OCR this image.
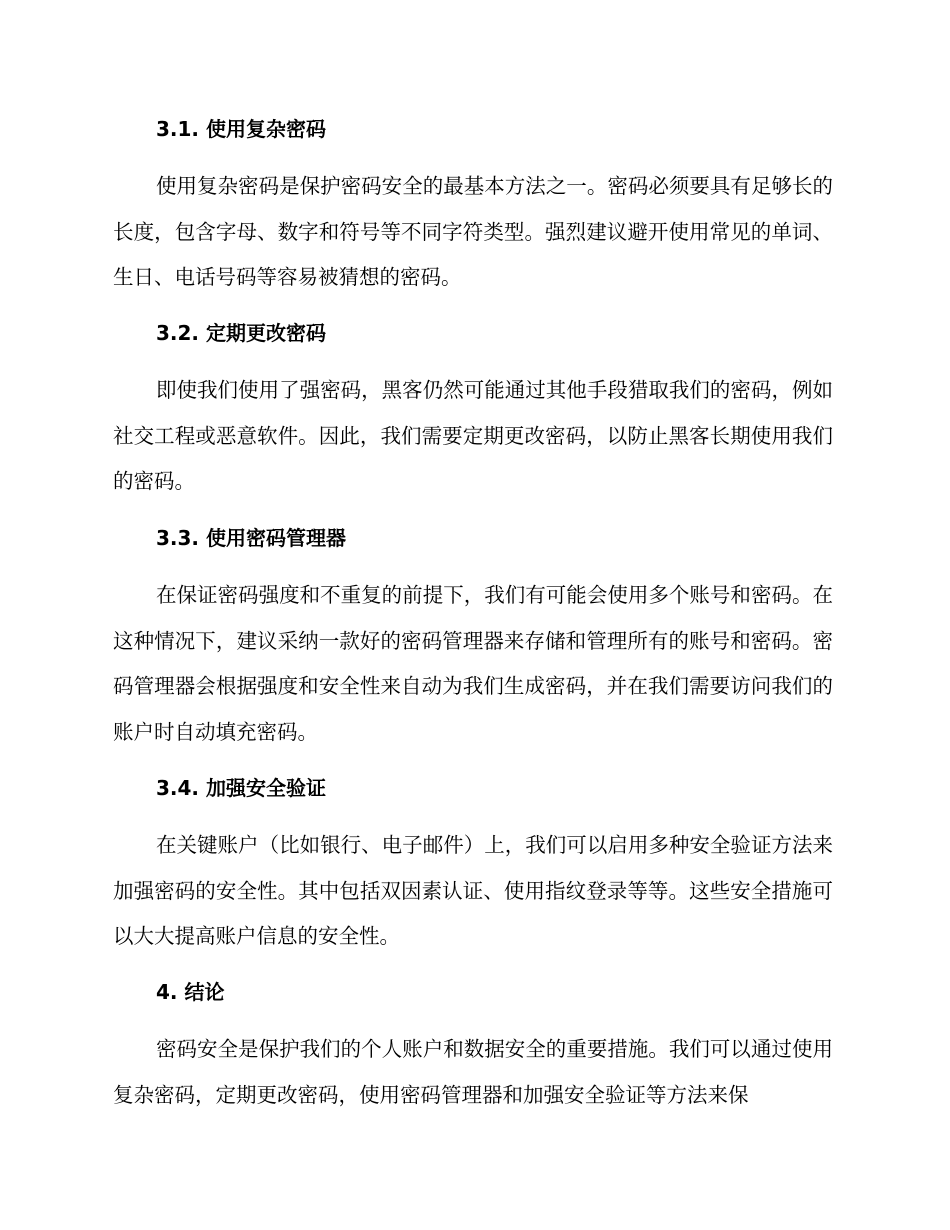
3.1. 使用复杂密码

使用复杂密码是保护密码安全的最基本方法之一。密码必须要具有足够长的长度，包含字母、数字和符号等不同字符类型。强烈建议避开使用常见的单词、生日、电话号码等容易被猜想的密码。

3.2. 定期更改密码

即使我们使用了强密码，黑客仍然可能通过其他手段猎取我们的密码，例如社交工程或恶意软件。因此，我们需要定期更改密码，以防止黑客长期使用我们的密码。

3.3. 使用密码管理器

在保证密码强度和不重复的前提下，我们有可能会使用多个账号和密码。在这种情况下，建议采纳一款好的密码管理器来存储和管理所有的账号和密码。密码管理器会根据强度和安全性来自动为我们生成密码，并在我们需要访问我们的账户时自动填充密码。

3.4. 加强安全验证

在关键账户（比如银行、电子邮件）上，我们可以启用多种安全验证方法来加强密码的安全性。其中包括双因素认证、使用指纹登录等等。这些安全措施可以大大提高账户信息的安全性。

4. 结论

密码安全是保护我们的个人账户和数据安全的重要措施。我们可以通过使用复杂密码，定期更改密码，使用密码管理器和加强安全验证等方法来保
